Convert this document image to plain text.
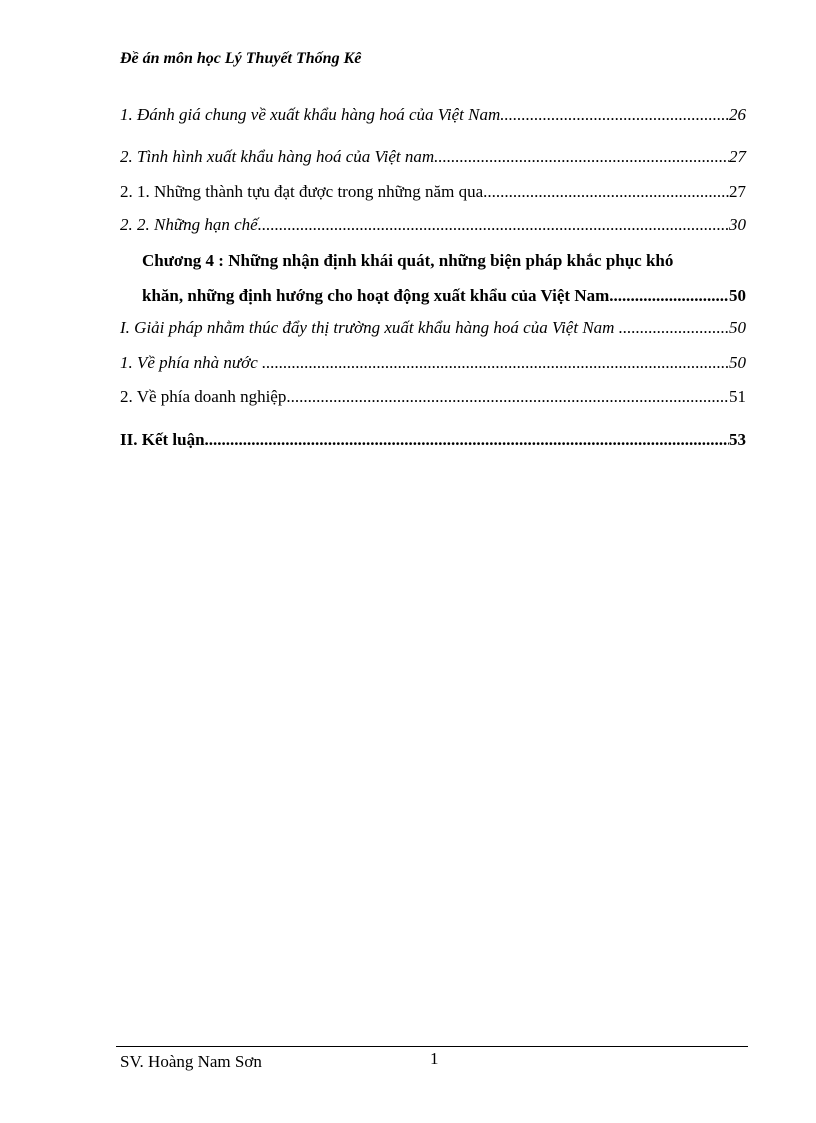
Đề án môn học Lý Thuyết Thống Kê
1. Đánh giá chung về xuất khẩu hàng hoá của Việt Nam. .....	26
2. Tình hình xuất khẩu hàng hoá của Việt nam .....	27
2. 1. Những thành tựu đạt được trong những năm qua .....	27
2. 2. Những hạn chế .....	30
Chương 4 : Những nhận định khái quát, những biện pháp khắc phục khó
khăn, những định hướng cho hoạt động xuất khẩu của Việt Nam .....	50
I. Giải pháp nhằm thúc đẩy thị trường xuất khẩu hàng hoá của Việt Nam . .....	50
1. Về phía nhà nước . .....	50
2. Về phía doanh nghiệp. .....	51
II. Kết luận .....	53
SV. Hoàng Nam Sơn	1
